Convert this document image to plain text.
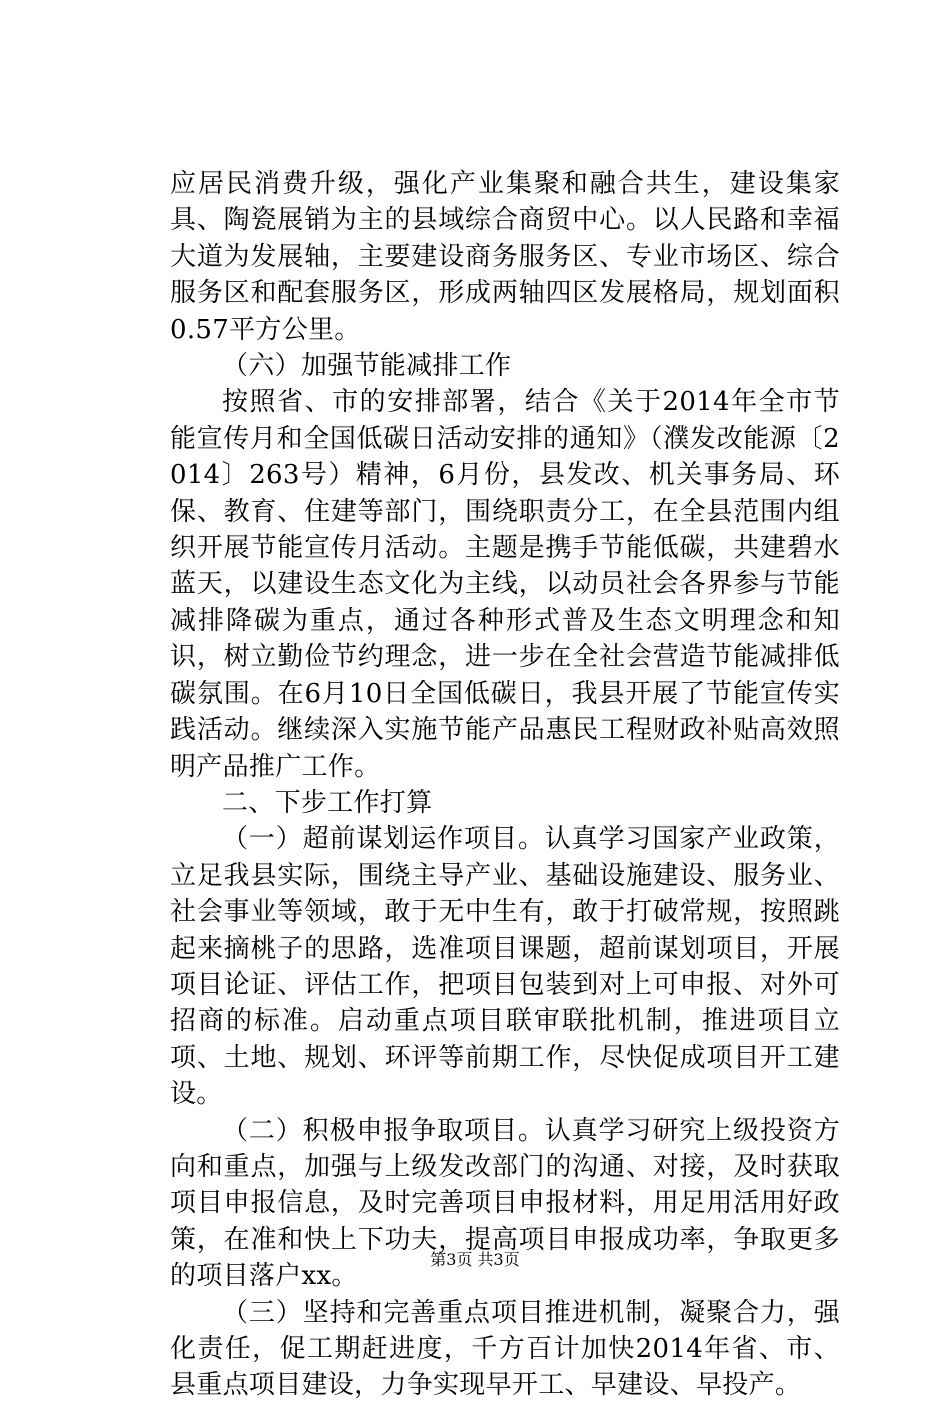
应居民消费升级，强化产业集聚和融合共生，建设集家具、陶瓷展销为主的县域综合商贸中心。以人民路和幸福大道为发展轴，主要建设商务服务区、专业市场区、综合服务区和配套服务区，形成两轴四区发展格局，规划面积0.57平方公里。

（六）加强节能减排工作

按照省、市的安排部署，结合《关于2014年全市节能宣传月和全国低碳日活动安排的通知》（濮发改能源〔2014〕263号）精神，6月份，县发改、机关事务局、环保、教育、住建等部门，围绕职责分工，在全县范围内组织开展节能宣传月活动。主题是携手节能低碳，共建碧水蓝天，以建设生态文化为主线，以动员社会各界参与节能减排降碳为重点，通过各种形式普及生态文明理念和知识，树立勤俭节约理念，进一步在全社会营造节能减排低碳氛围。在6月10日全国低碳日，我县开展了节能宣传实践活动。继续深入实施节能产品惠民工程财政补贴高效照明产品推广工作。

二、下步工作打算

（一）超前谋划运作项目。认真学习国家产业政策，立足我县实际，围绕主导产业、基础设施建设、服务业、社会事业等领域，敢于无中生有，敢于打破常规，按照跳起来摘桃子的思路，选准项目课题，超前谋划项目，开展项目论证、评估工作，把项目包装到对上可申报、对外可招商的标准。启动重点项目联审联批机制，推进项目立项、土地、规划、环评等前期工作，尽快促成项目开工建设。

（二）积极申报争取项目。认真学习研究上级投资方向和重点，加强与上级发改部门的沟通、对接，及时获取项目申报信息，及时完善项目申报材料，用足用活用好政策，在准和快上下功夫，提高项目申报成功率，争取更多的项目落户xx。

（三）坚持和完善重点项目推进机制，凝聚合力，强化责任，促工期赶进度，千方百计加快2014年省、市、县重点项目建设，力争实现早开工、早建设、早投产。

第3页 共3页
